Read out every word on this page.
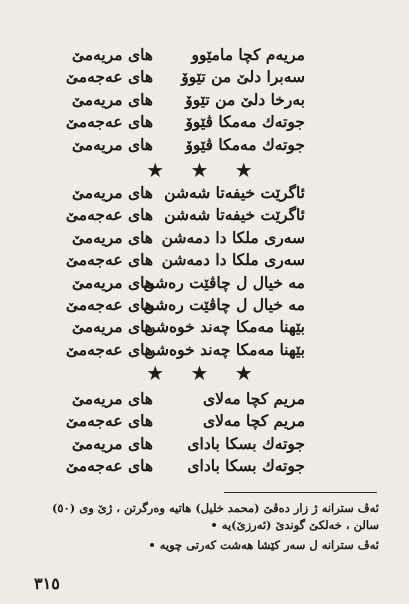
مریەم کچا مامێوو
های مریەمێ
سەبرا دلێ من تێوۆ
های عەجەمێ
بەرخا دلێ من تێوۆ
های مریەمێ
جوتەك مەمكا ڤێوۆ
های عەجەمێ
جوتەك مەمكا ڤێوۆ
های مریەمێ
★ ★ ★
ئاگرێت خیفەتا شەشن
های مریەمێ
ئاگرێت خیفەتا شەشن
های عەجەمێ
سەری ملکا دا دمەشن
های مریەمێ
سەری ملکا دا دمەشن
های عەجەمێ
مە خیال ل چاڤێت رەشن
های مریەمێ
مە خیال ل چاڤێت رەشن
های عەجەمێ
بێهنا مەمکا چەند خوەشن
های مریەمێ
بێهنا مەمکا چەند خوەشن
های عەجەمێ
★ ★ ★
مریم کچا مەلای
های مریەمێ
مریم کچا مەلای
های عەجەمێ
جوتەك بسکا بادای
های مریەمێ
جوتەك بسکا بادای
های عەجەمێ
ئەڤ سترانە ژ زار دەڤێ (محمد خلیل) هاتیە وەرگرتن ، ژێ وی (٥٠) سالن ، خەلکێ گوندێ (ئەرزێ)یە •
ئەڤ سترانە ل سەر کێشا هەشت کەرتی چویە •
٣١٥
